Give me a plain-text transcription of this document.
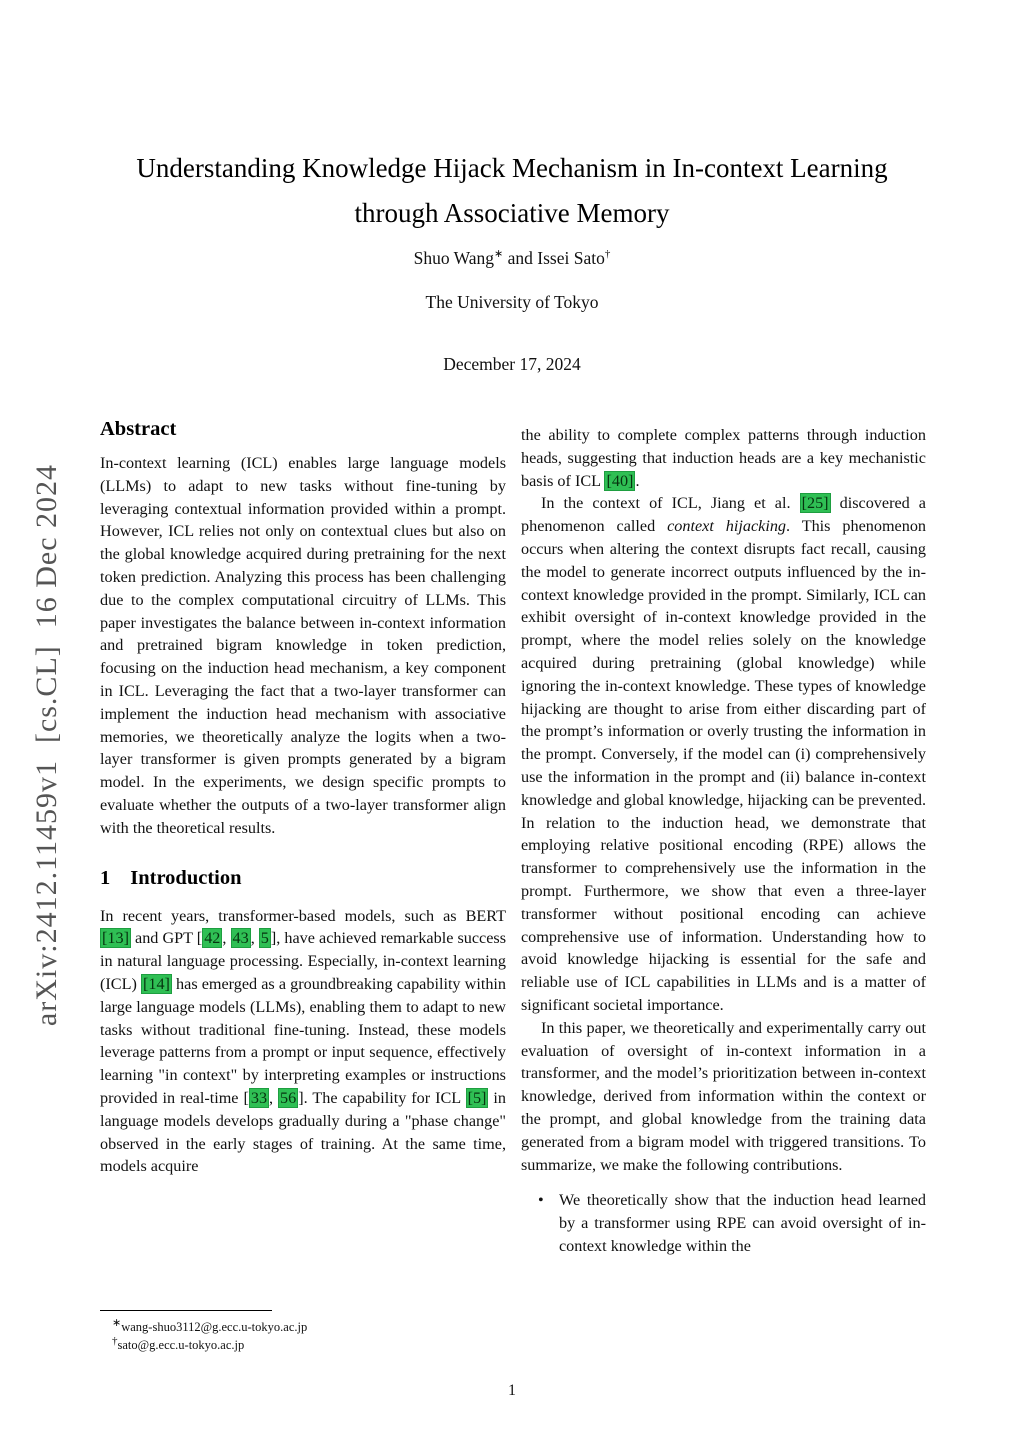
arXiv:2412.11459v1  [cs.CL]  16 Dec 2024
Understanding Knowledge Hijack Mechanism in In-context Learning
through Associative Memory
Shuo Wang∗ and Issei Sato†
The University of Tokyo
December 17, 2024
Abstract

In-context learning (ICL) enables large language models (LLMs) to adapt to new tasks without fine-tuning by leveraging contextual information provided within a prompt. However, ICL relies not only on contextual clues but also on the global knowledge acquired during pretraining for the next token prediction. Analyzing this process has been challenging due to the complex computational circuitry of LLMs. This paper investigates the balance between in-context information and pretrained bigram knowledge in token prediction, focusing on the induction head mechanism, a key component in ICL. Leveraging the fact that a two-layer transformer can implement the induction head mechanism with associative memories, we theoretically analyze the logits when a two-layer transformer is given prompts generated by a bigram model. In the experiments, we design specific prompts to evaluate whether the outputs of a two-layer transformer align with the theoretical results.

1 Introduction

In recent years, transformer-based models, such as BERT [13] and GPT [ 42 , 43 , 5 ], have achieved remarkable success in natural language processing. Especially, in-context learning (ICL) [14] has emerged as a groundbreaking capability within large language models (LLMs), enabling them to adapt to new tasks without traditional fine-tuning. Instead, these models leverage patterns from a prompt or input sequence, effectively learning "in context" by interpreting examples or instructions provided in real-time [ 33 , 56 ]. The capability for ICL [5] in language models develops gradually during a "phase change" observed in the early stages of training. At the same time, models acquire

the ability to complete complex patterns through induction heads, suggesting that induction heads are a key mechanistic basis of ICL [40] .

In the context of ICL, Jiang et al. [25] discovered a phenomenon called context hijacking. This phenomenon occurs when altering the context disrupts fact recall, causing the model to generate incorrect outputs influenced by the in-context knowledge provided in the prompt. Similarly, ICL can exhibit oversight of in-context knowledge provided in the prompt, where the model relies solely on the knowledge acquired during pretraining (global knowledge) while ignoring the in-context knowledge. These types of knowledge hijacking are thought to arise from either discarding part of the prompt’s information or overly trusting the information in the prompt. Conversely, if the model can (i) comprehensively use the information in the prompt and (ii) balance in-context knowledge and global knowledge, hijacking can be prevented. In relation to the induction head, we demonstrate that employing relative positional encoding (RPE) allows the transformer to comprehensively use the information in the prompt. Furthermore, we show that even a three-layer transformer without positional encoding can achieve comprehensive use of information. Understanding how to avoid knowledge hijacking is essential for the safe and reliable use of ICL capabilities in LLMs and is a matter of significant societal importance.

In this paper, we theoretically and experimentally carry out evaluation of oversight of in-context information in a transformer, and the model’s prioritization between in-context knowledge, derived from information within the context or the prompt, and global knowledge from the training data generated from a bigram model with triggered transitions. To summarize, we make the following contributions.

• We theoretically show that the induction head learned by a transformer using RPE can avoid oversight of in-context knowledge within the
∗wang-shuo3112@g.ecc.u-tokyo.ac.jp
†sato@g.ecc.u-tokyo.ac.jp
1
